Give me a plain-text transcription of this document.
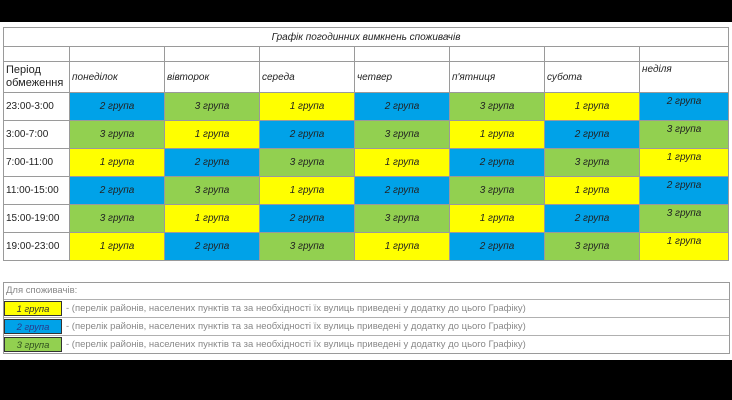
Графік погодинних вимкнень споживачів							

Період обмеження	понеділок	вівторок	середа	четвер	п'ятниця	субота	неділя
23:00-3:00	2 група	3 група	1 група	2 група	3 група	1 група	2 група
3:00-7:00	3 група	1 група	2 група	3 група	1 група	2 група	3 група
7:00-11:00	1 група	2 група	3 група	1 група	2 група	3 група	1 група
11:00-15:00	2 група	3 група	1 група	2 група	3 група	1 група	2 група
15:00-19:00	3 група	1 група	2 група	3 група	1 група	2 група	3 група
19:00-23:00	1 група	2 група	3 група	1 група	2 група	3 група	1 група
Для споживачів:
1 група	- (перелік районів, населених пунктів та за необхідності їх вулиць приведені у додатку до цього Графіку)
2 група	- (перелік районів, населених пунктів та за необхідності їх вулиць приведені у додатку до цього Графіку)
3 група	- (перелік районів, населених пунктів та за необхідності їх вулиць приведені у додатку до цього Графіку)
